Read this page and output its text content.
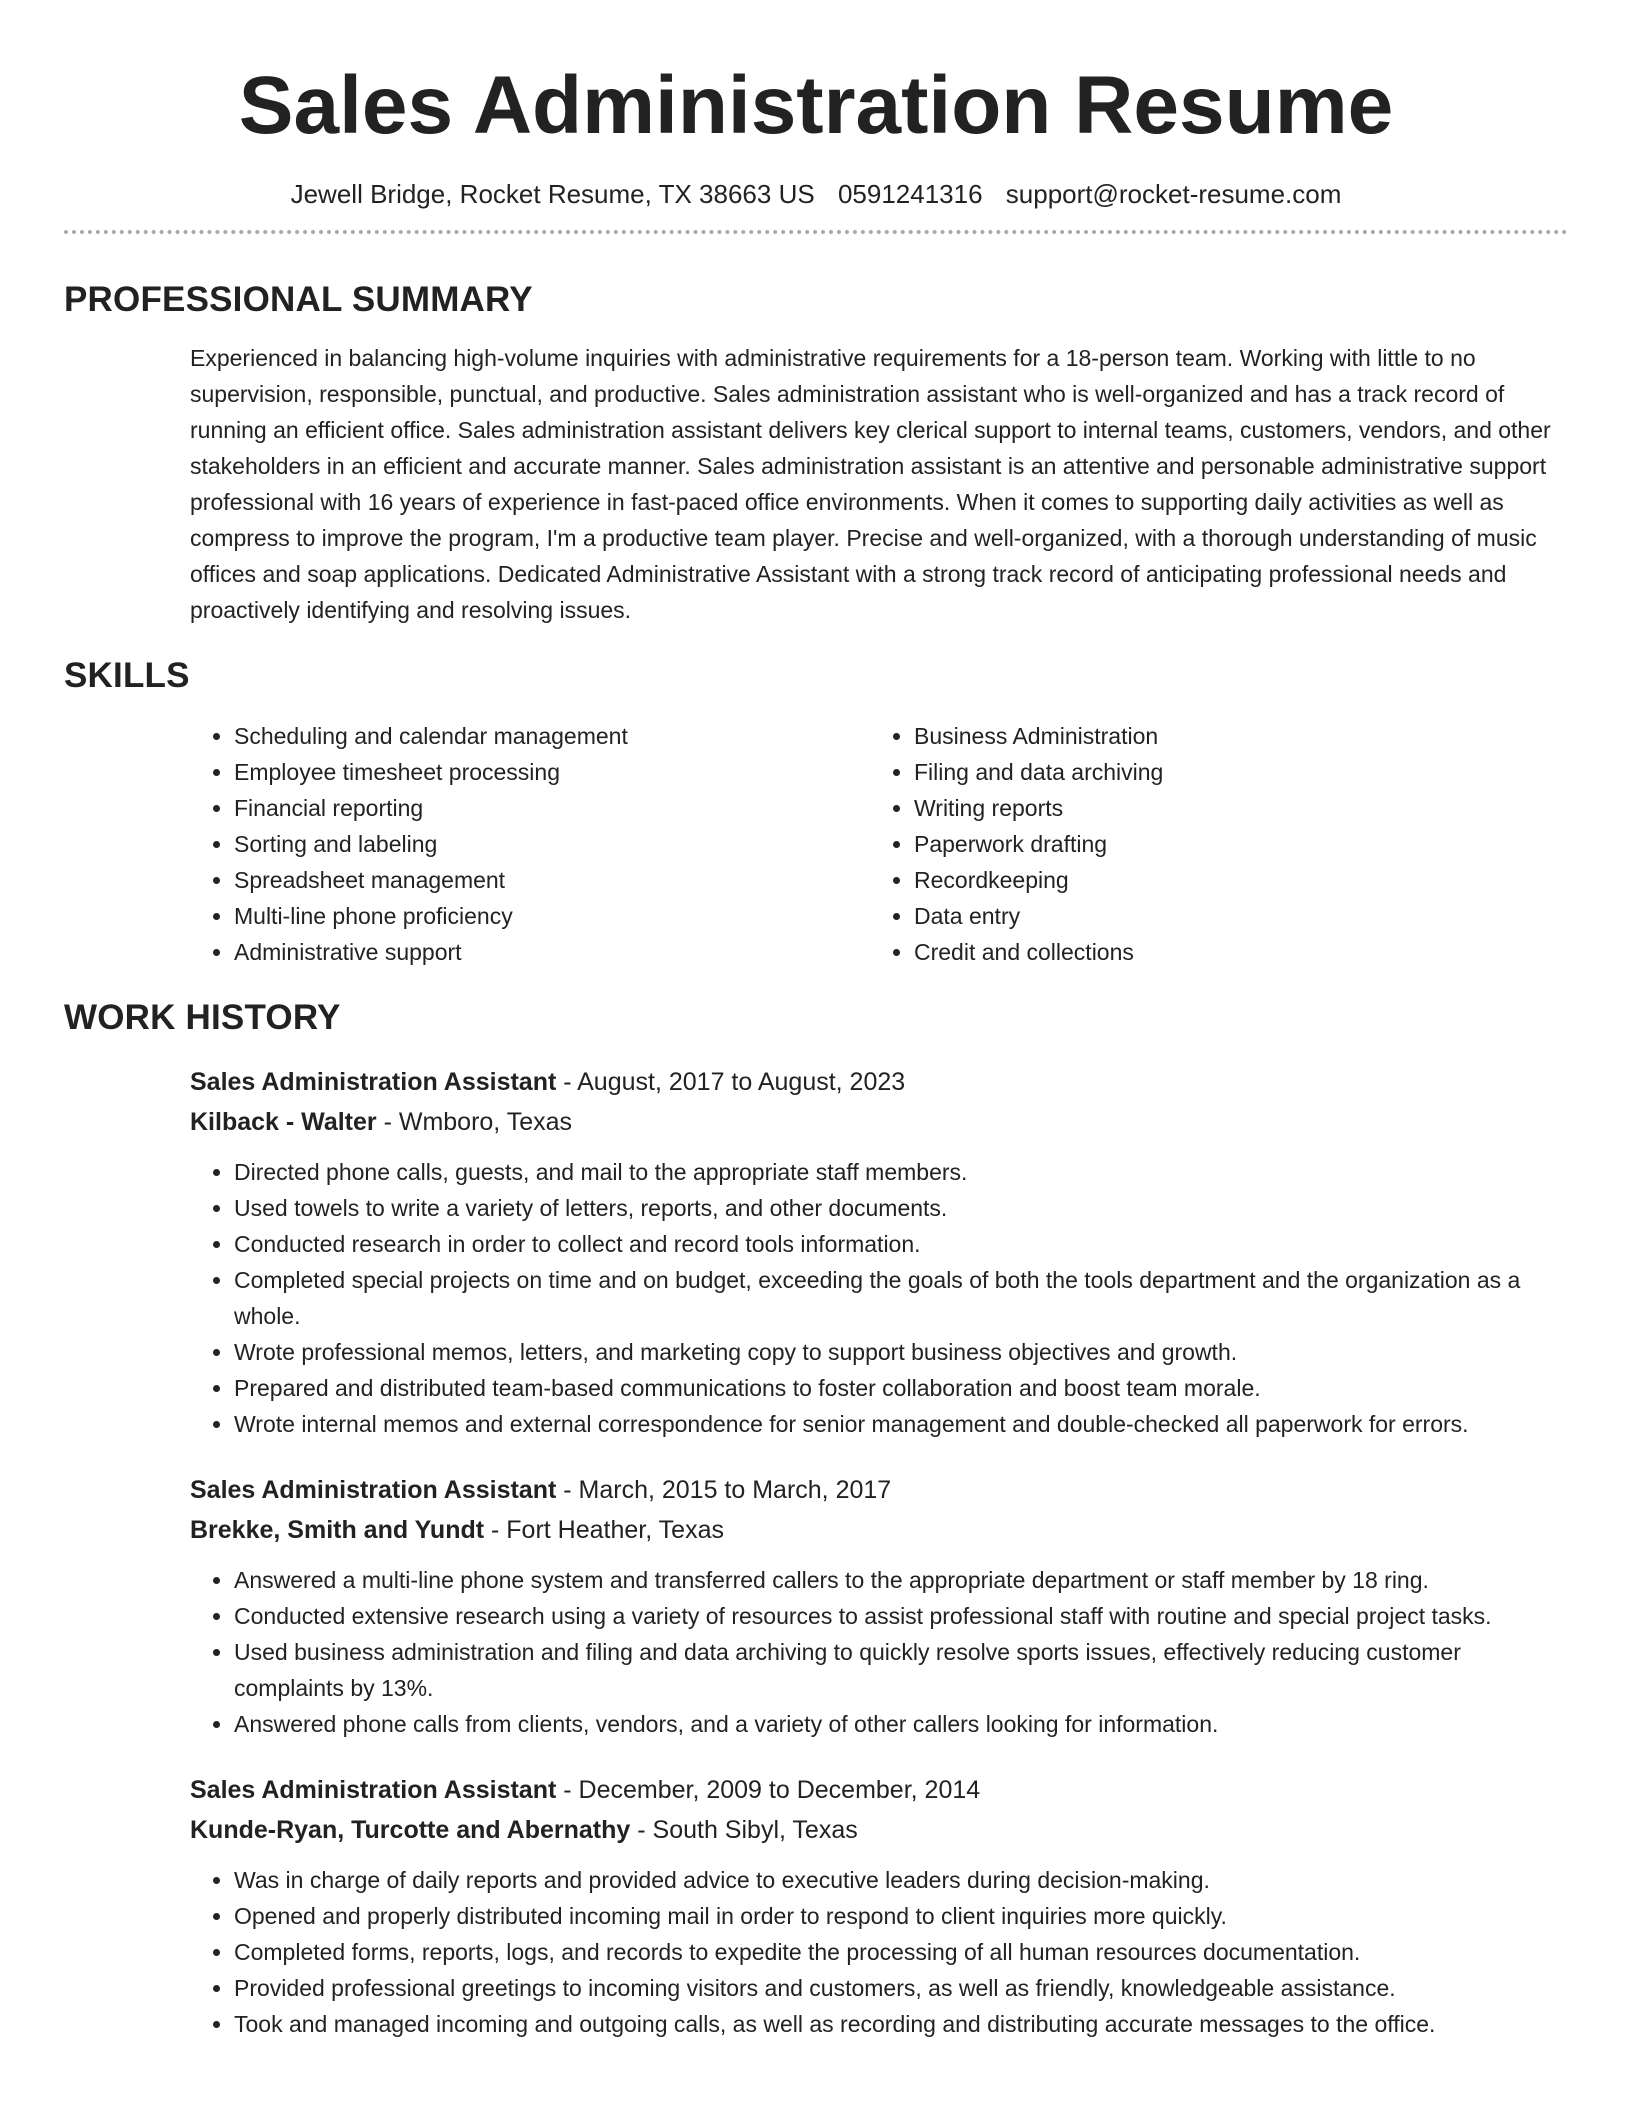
Sales Administration Resume
Jewell Bridge, Rocket Resume, TX 38663 US 0591241316 support@rocket-resume.com
PROFESSIONAL SUMMARY

Experienced in balancing high-volume inquiries with administrative requirements for a 18-person team. Working with little to no supervision, responsible, punctual, and productive. Sales administration assistant who is well-organized and has a track record of running an efficient office. Sales administration assistant delivers key clerical support to internal teams, customers, vendors, and other stakeholders in an efficient and accurate manner. Sales administration assistant is an attentive and personable administrative support professional with 16 years of experience in fast-paced office environments. When it comes to supporting daily activities as well as compress to improve the program, I'm a productive team player. Precise and well-organized, with a thorough understanding of music offices and soap applications. Dedicated Administrative Assistant with a strong track record of anticipating professional needs and proactively identifying and resolving issues.

SKILLS
• Scheduling and calendar management
• Employee timesheet processing
• Financial reporting
• Sorting and labeling
• Spreadsheet management
• Multi-line phone proficiency
• Administrative support
• Business Administration
• Filing and data archiving
• Writing reports
• Paperwork drafting
• Recordkeeping
• Data entry
• Credit and collections
WORK HISTORY
Sales Administration Assistant - August, 2017 to August, 2023
Kilback - Walter - Wmboro, Texas
• Directed phone calls, guests, and mail to the appropriate staff members.
• Used towels to write a variety of letters, reports, and other documents.
• Conducted research in order to collect and record tools information.
• Completed special projects on time and on budget, exceeding the goals of both the tools department and the organization as a whole.
• Wrote professional memos, letters, and marketing copy to support business objectives and growth.
• Prepared and distributed team-based communications to foster collaboration and boost team morale.
• Wrote internal memos and external correspondence for senior management and double-checked all paperwork for errors.
Sales Administration Assistant - March, 2015 to March, 2017
Brekke, Smith and Yundt - Fort Heather, Texas
• Answered a multi-line phone system and transferred callers to the appropriate department or staff member by 18 ring.
• Conducted extensive research using a variety of resources to assist professional staff with routine and special project tasks.
• Used business administration and filing and data archiving to quickly resolve sports issues, effectively reducing customer complaints by 13%.
• Answered phone calls from clients, vendors, and a variety of other callers looking for information.
Sales Administration Assistant - December, 2009 to December, 2014
Kunde-Ryan, Turcotte and Abernathy - South Sibyl, Texas
• Was in charge of daily reports and provided advice to executive leaders during decision-making.
• Opened and properly distributed incoming mail in order to respond to client inquiries more quickly.
• Completed forms, reports, logs, and records to expedite the processing of all human resources documentation.
• Provided professional greetings to incoming visitors and customers, as well as friendly, knowledgeable assistance.
• Took and managed incoming and outgoing calls, as well as recording and distributing accurate messages to the office.
